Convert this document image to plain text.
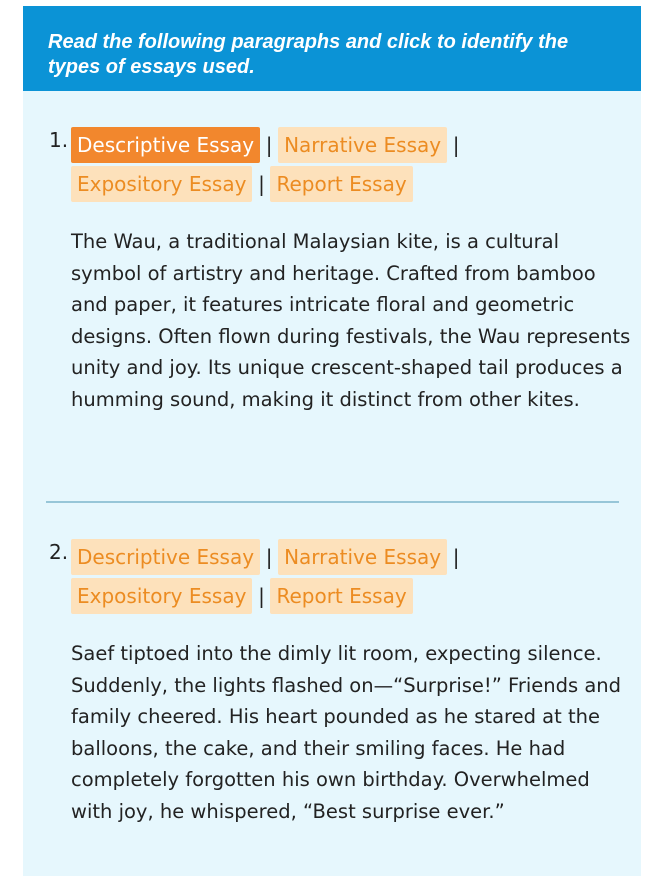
Read the following paragraphs and click to identify the types of essays used.
1. Descriptive Essay | Narrative Essay |
Expository Essay | Report Essay
The Wau, a traditional Malaysian kite, is a cultural symbol of artistry and heritage. Crafted from bamboo and paper, it features intricate floral and geometric designs. Often flown during festivals, the Wau represents unity and joy. Its unique crescent-shaped tail produces a humming sound, making it distinct from other kites.
2. Descriptive Essay | Narrative Essay |
Expository Essay | Report Essay
Saef tiptoed into the dimly lit room, expecting silence. Suddenly, the lights flashed on—“Surprise!” Friends and family cheered. His heart pounded as he stared at the balloons, the cake, and their smiling faces. He had completely forgotten his own birthday. Overwhelmed with joy, he whispered, “Best surprise ever.”
